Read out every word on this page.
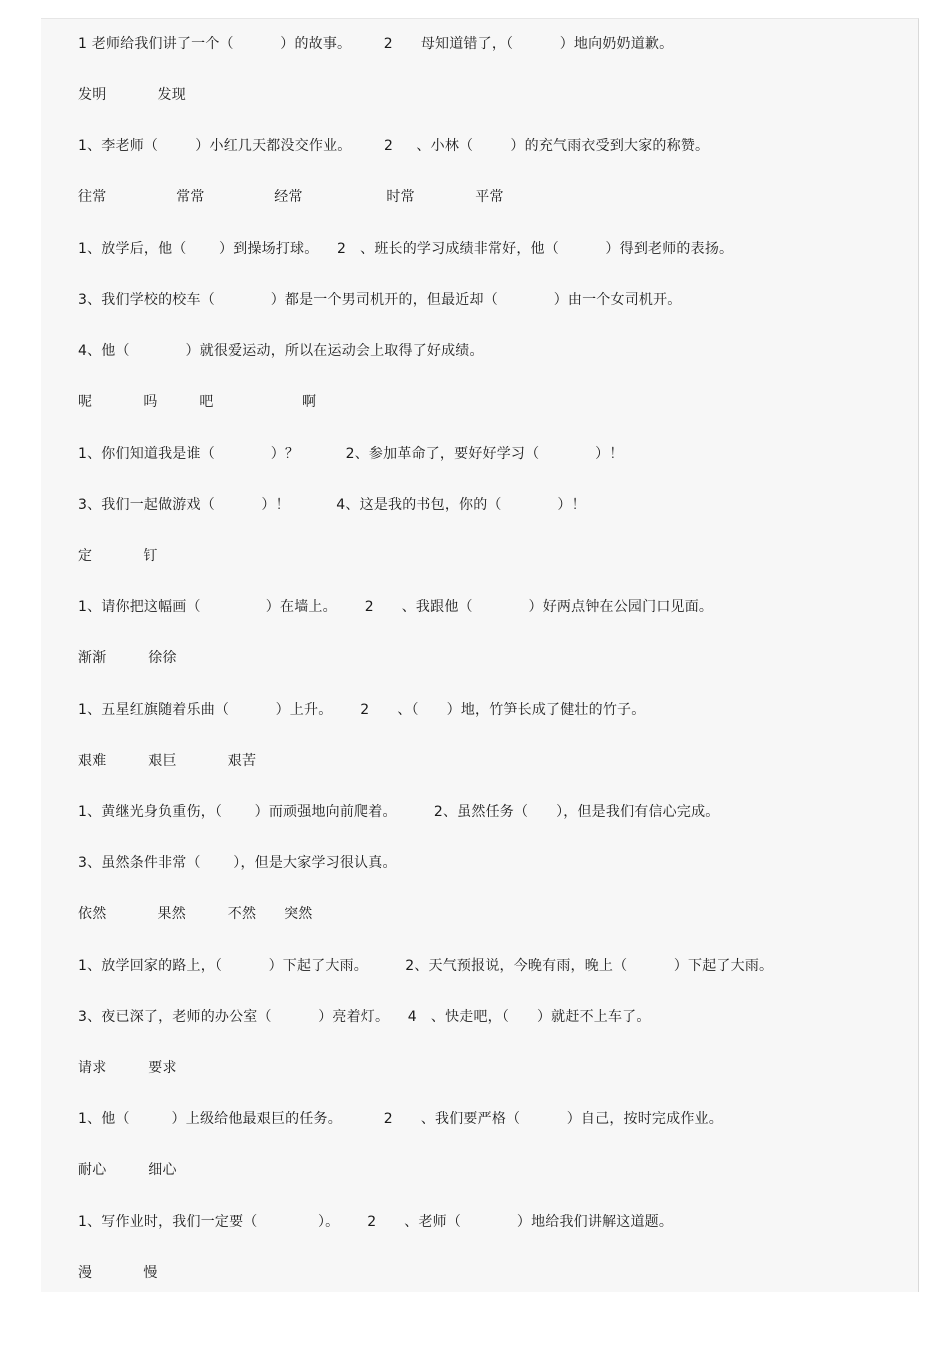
1 老师给我们讲了一个（          ）的故事。       2      母知道错了，（          ）地向奶奶道歉。
发明           发现
1、李老师（        ）小红几天都没交作业。       2     、小林（        ）的充气雨衣受到大家的称赞。
往常               常常               经常                  时常             平常
1、放学后，他（       ）到操场打球。    2   、班长的学习成绩非常好，他（          ）得到老师的表扬。
3、我们学校的校车（            ）都是一个男司机开的，但最近却（            ）由一个女司机开。
4、他（            ）就很爱运动，所以在运动会上取得了好成绩。
呢           吗         吧                   啊
1、你们知道我是谁（            ）？          2、参加革命了，要好好学习（            ）！
3、我们一起做游戏（          ）！          4、这是我的书包，你的（            ）！
定           钉
1、请你把这幅画（              ）在墙上。      2      、我跟他（            ）好两点钟在公园门口见面。
渐渐         徐徐
1、五星红旗随着乐曲（          ）上升。      2      、（      ）地，竹笋长成了健壮的竹子。
艰难         艰巨           艰苦
1、黄继光身负重伤，（       ）而顽强地向前爬着。        2、虽然任务（      ），但是我们有信心完成。
3、虽然条件非常（       ），但是大家学习很认真。
依然           果然         不然      突然
1、放学回家的路上，（          ）下起了大雨。        2、天气预报说，今晚有雨，晚上（          ）下起了大雨。
3、夜已深了，老师的办公室（          ）亮着灯。    4   、快走吧，（      ）就赶不上车了。
请求         要求
1、他（         ）上级给他最艰巨的任务。         2      、我们要严格（          ）自己，按时完成作业。
耐心         细心
1、写作业时，我们一定要（             ）。      2      、老师（            ）地给我们讲解这道题。
漫           慢
